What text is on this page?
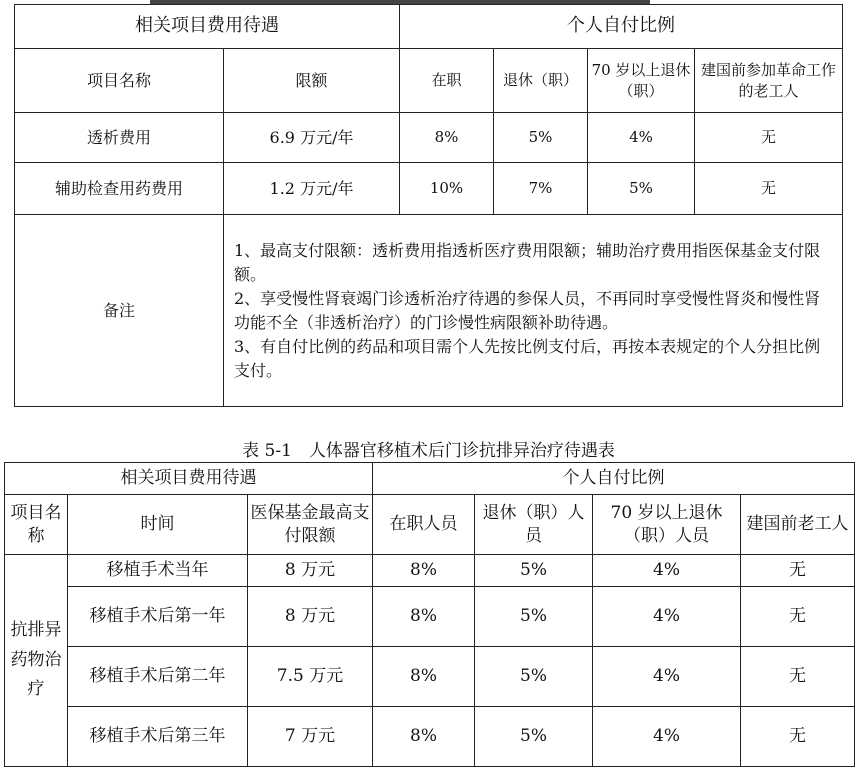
相关项目费用待遇		个人自付比例			
项目名称	限额	在职	退休（职）	70 岁以上退休（职）	建国前参加革命工作的老工人
透析费用	6.9 万元/年	8%	5%	4%	无
辅助检查用药费用	1.2 万元/年	10%	7%	5%	无
备注	1、最高支付限额：透析费用指透析医疗费用限额；辅助治疗费用指医保基金支付限额。
2、享受慢性肾衰竭门诊透析治疗待遇的参保人员，不再同时享受慢性肾炎和慢性肾功能不全（非透析治疗）的门诊慢性病限额补助待遇。
3、有自付比例的药品和项目需个人先按比例支付后，再按本表规定的个人分担比例支付。				
表 5-1　人体器官移植术后门诊抗排异治疗待遇表
相关项目费用待遇			个人自付比例			
项目名称	时间	医保基金最高支付限额	在职人员	退休（职）人员	70 岁以上退休（职）人员	建国前老工人
抗排异药物治疗	移植手术当年	8 万元	8%	5%	4%	无
	移植手术后第一年	8 万元	8%	5%	4%	无
	移植手术后第二年	7.5 万元	8%	5%	4%	无
	移植手术后第三年	7 万元	8%	5%	4%	无
